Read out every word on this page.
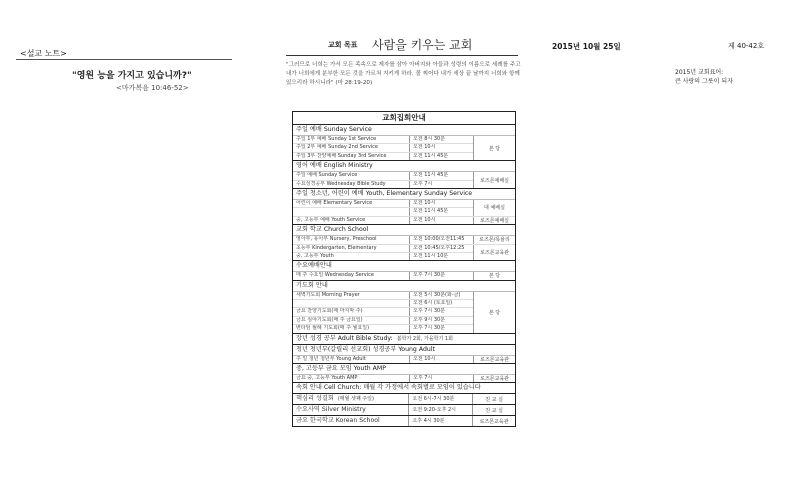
<설교 노트>
"영원 능을 가지고 있습니까?"
<마가복음 10:46-52>
교회 목표 사람을 키우는 교회
"그러므로 너희는 가서 모든 족속으로 제자를 삼아 아버지와 아들과 성령의 이름으로 세례를 주고 내가 너희에게 분부한 모든 것을 가르쳐 지키게 하라. 볼 찌어다 내가 세상 끝 날까지 너희와 항께 있으리라 하시니라" (마 28:19-20)
2015년 10월 25일	제 40-42호
2015년 교회표어:
큰 사랑의 그릇이 되자
교회집회안내
주일 예배 Sunday Service
주일 1부 예배 Sunday 1st Service	오전 8시 30분
주일 2부 예배 Sunday 2nd Service	오전 10시
주일 3부 찬양예배 Sunday 3rd Service	오전 11시 45분
본 당
영어 예배 English Ministry
주일 예배 Sunday Service	오전 11시 45분
수요성경공부 Wednesday Bible Study	오후 7시	로즈몬예배실
주일 청소년, 어린이 예배 Youth, Elementary Sunday Service
어린이 예배 Elementary Service	오전 10시
오전 11시 45분	대 예배실
중, 고등부 예배 Youth Service	오전 10시	로즈몬예배실
교회 학교 Church School
영아부, 유아부 Nursery, Preschool	오전 10:00/오전11:45	로즈몬/목율리
초등부 Kindergarten, Elementary	오전 10:45/오후12:25
중, 고등부 Youth	오전 11시 10분	로즈몬교육관
수요예배안내
매 주 수요일 Wednesday Service	오후 7시 30분	본 당
기도회 안내
새벽기도회 Morning Prayer	오전 5시 30분(화-금)
오전 6시 (토요일)
금요 찬양기도회(매 마지막 주)	오후 7시 30분
금요 심야기도회(매 주 금요일)	오후 9시 30분
변타임 월례 기도회(매 주 월요일)	오후 7시 30분
본 당
장년 성경 공부 Adult Bible Study: 봄학기 2회, 가을학기 1회
청년 청년부(갈릴리 선교회) 성경공부 Young Adult
주 일 청년 청년부 Young Adult	오전 10시	로즈몬교육관
중, 고등부 금요 모임 Youth AMP
금요 중, 고등부 Youth AMP	오후 7시	로즈몬교육관
속회 안내 Cell Church: 매월 각 가정에서 속회별로 모임이 있습니다
핵심리 성결회 (매월 셋째 주일)	오전 6시-7시 30분	친 교 실
수요사역 Silver Ministry	오전 9:20-오후 2시	친 교 실
금요 한국학교 Korean School	오후 4시 30분	로즈몬교육관
